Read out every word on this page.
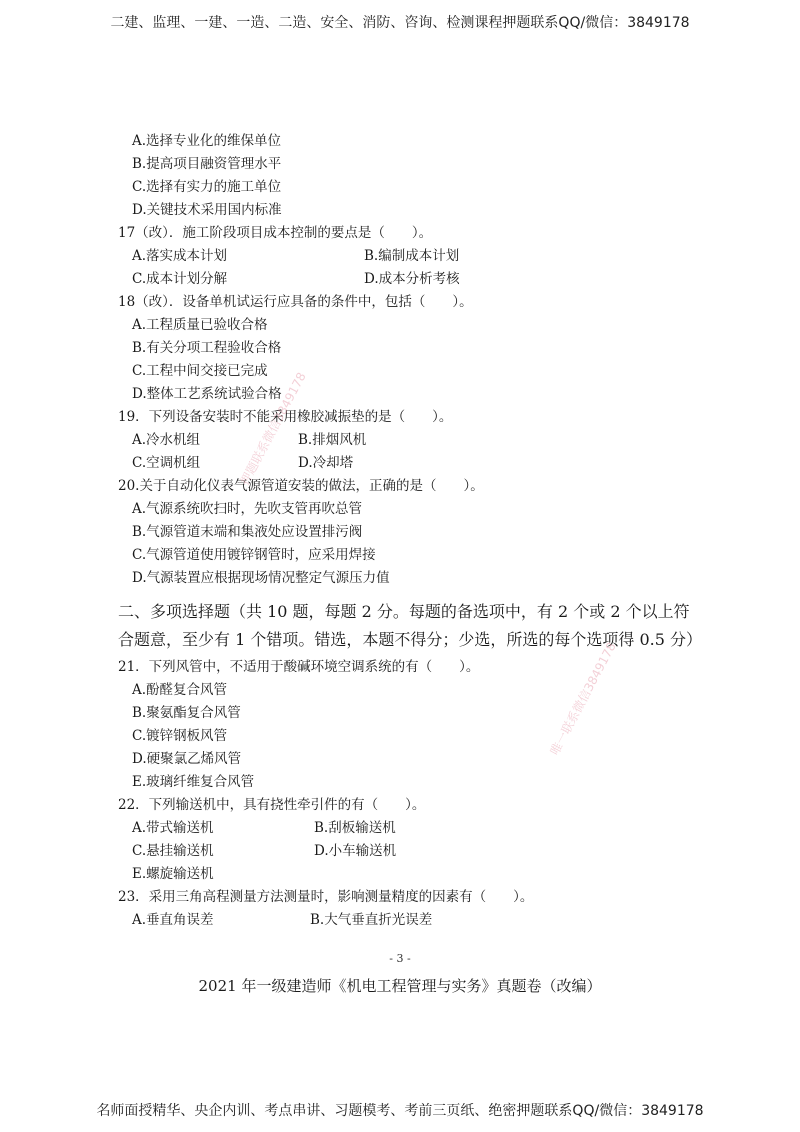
二建、监理、一建、一造、二造、安全、消防、咨询、检测课程押题联系QQ/微信：3849178
A.选择专业化的维保单位
B.提高项目融资管理水平
C.选择有实力的施工单位
D.关键技术采用国内标准
17（改）．施工阶段项目成本控制的要点是（　　）。
A.落实成本计划	B.编制成本计划
C.成本计划分解	D.成本分析考核
18（改）．设备单机试运行应具备的条件中，包括（　　）。
A.工程质量已验收合格
B.有关分项工程验收合格
C.工程中间交接已完成
D.整体工艺系统试验合格
19．下列设备安装时不能采用橡胶减振垫的是（　　）。
A.冷水机组	B.排烟风机
C.空调机组	D.冷却塔
20.关于自动化仪表气源管道安装的做法，正确的是（　　）。
A.气源系统吹扫时，先吹支管再吹总管
B.气源管道末端和集液处应设置排污阀
C.气源管道使用镀锌钢管时，应采用焊接
D.气源装置应根据现场情况整定气源压力值
二、多项选择题（共 10 题，每题 2 分。每题的备选项中，有 2 个或 2 个以上符合题意，至少有 1 个错项。错选，本题不得分；少选，所选的每个选项得 0.5 分）
21．下列风管中，不适用于酸碱环境空调系统的有（　　）。
A.酚醛复合风管
B.聚氨酯复合风管
C.镀锌钢板风管
D.硬聚氯乙烯风管
E.玻璃纤维复合风管
22．下列输送机中，具有挠性牵引件的有（　　）。
A.带式输送机	B.刮板输送机
C.悬挂输送机	D.小车输送机
E.螺旋输送机
23．采用三角高程测量方法测量时，影响测量精度的因素有（　　）。
A.垂直角误差	B.大气垂直折光误差
- 3 -
2021 年一级建造师《机电工程管理与实务》真题卷（改编）
押题联系微信3849178
唯一联系微信3849178
名师面授精华、央企内训、考点串讲、习题模考、考前三页纸、绝密押题联系QQ/微信：3849178
